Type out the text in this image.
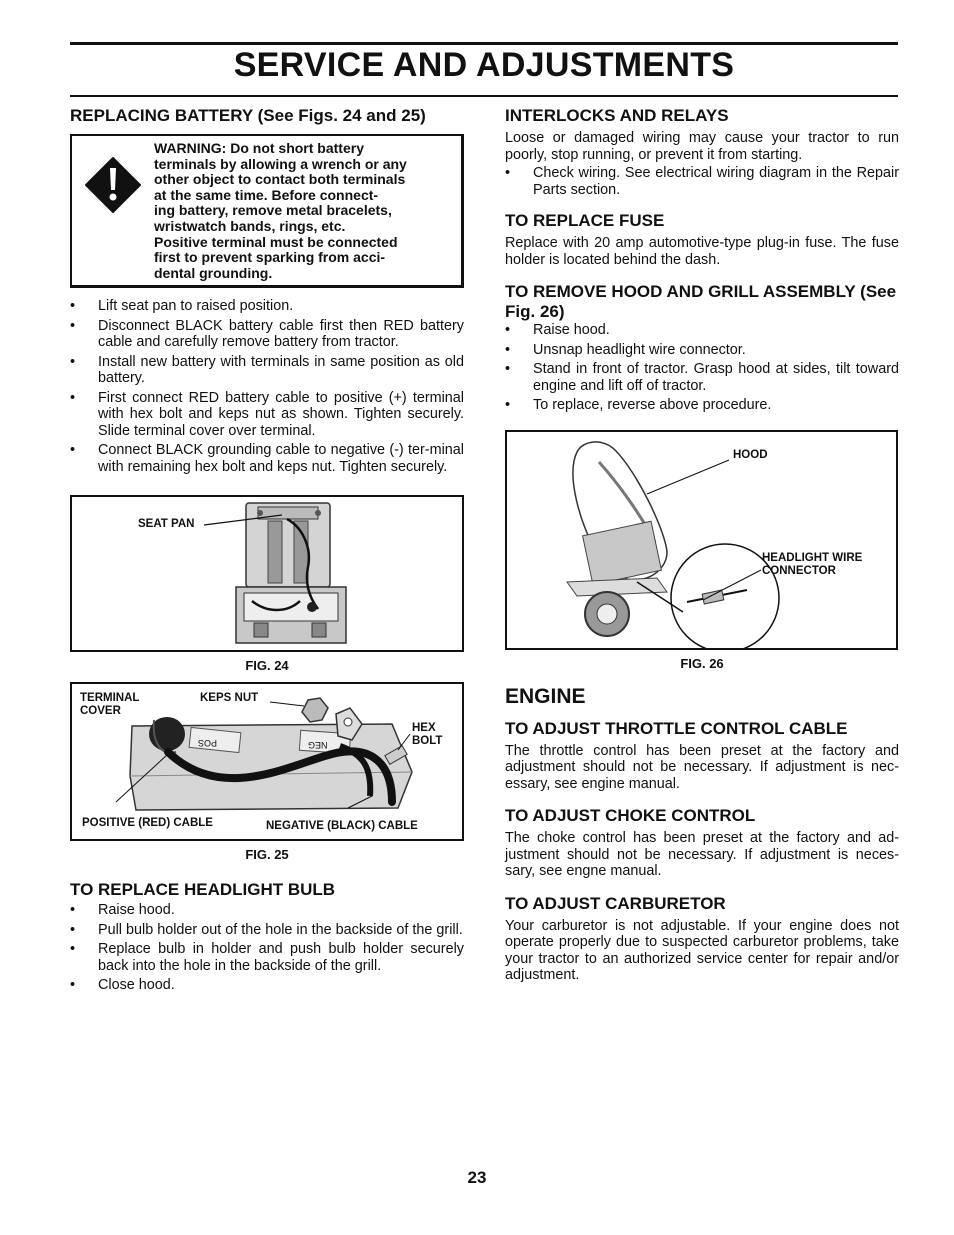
SERVICE AND ADJUSTMENTS
REPLACING BATTERY (See Figs. 24 and 25)
WARNING: Do not short battery
terminals by allowing a wrench or any
other object to contact both terminals
at the same time. Before connect-
ing battery, remove metal bracelets,
wristwatch bands, rings, etc.
Positive terminal must be connected
first to prevent sparking from acci-
dental grounding.
• Lift seat pan to raised position.
• Disconnect BLACK battery cable first then RED battery cable and carefully remove battery from tractor.
• Install new battery with terminals in same position as old battery.
• First connect RED battery cable to positive (+) terminal with hex bolt and keps nut as shown. Tighten securely. Slide terminal cover over terminal.
• Connect BLACK grounding cable to negative (-) ter-minal with remaining hex bolt and keps nut. Tighten securely.
SEAT PAN
FIG. 24
TERMINAL
COVER
KEPS NUT
HEX
BOLT
POS	NEG
POSITIVE (RED) CABLE	NEGATIVE (BLACK) CABLE
FIG. 25
TO REPLACE HEADLIGHT BULB
• Raise hood.
• Pull bulb holder out of the hole in the backside of the grill.
• Replace bulb in holder and push bulb holder securely back into the hole in the backside of the grill.
• Close hood.
INTERLOCKS AND RELAYS

Loose or damaged wiring may cause your tractor to run poorly, stop running, or prevent it from starting.

• Check wiring. See electrical wiring diagram in the Repair Parts section.
TO REPLACE FUSE

Replace with 20 amp automotive-type plug-in fuse. The fuse holder is located behind the dash.

TO REMOVE HOOD AND GRILL ASSEMBLY (See Fig. 26)
• Raise hood.
• Unsnap headlight wire connector.
• Stand in front of tractor. Grasp hood at sides, tilt toward engine and lift off of tractor.
• To replace, reverse above procedure.
HOOD
HEADLIGHT WIRE
CONNECTOR
FIG. 26
ENGINE
TO ADJUST THROTTLE CONTROL CABLE

The throttle control has been preset at the factory and adjustment should not be necessary. If adjustment is nec-essary, see engine manual.

TO ADJUST CHOKE CONTROL

The choke control has been preset at the factory and ad-justment should not be necessary. If adjustment is neces-sary, see engne manual.

TO ADJUST CARBURETOR

Your carburetor is not adjustable. If your engine does not operate properly due to suspected carburetor problems, take your tractor to an authorized service center for repair and/or adjustment.

23
